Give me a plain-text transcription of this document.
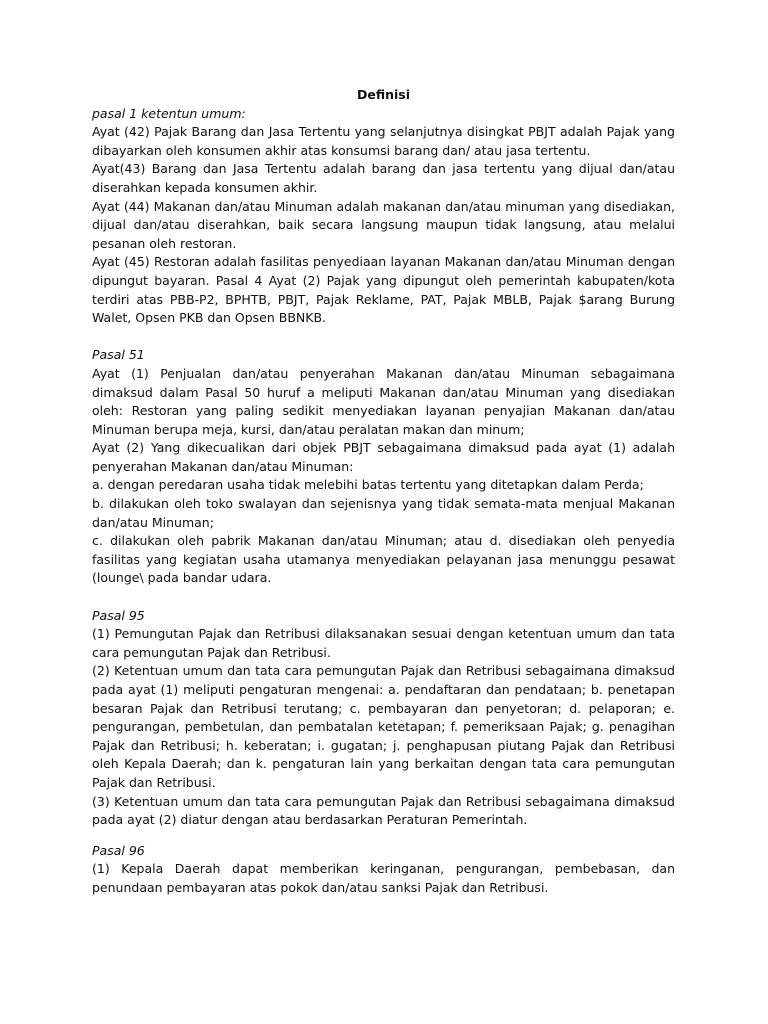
Definisi

pasal 1 ketentun umum:

Ayat (42) Pajak Barang dan Jasa Tertentu yang selanjutnya disingkat PBJT adalah Pajak yang dibayarkan oleh konsumen akhir atas konsumsi barang dan/ atau jasa tertentu.

Ayat(43) Barang dan Jasa Tertentu adalah barang dan jasa tertentu yang dijual dan/atau diserahkan kepada konsumen akhir.

Ayat (44) Makanan dan/atau Minuman adalah makanan dan/atau minuman yang disediakan, dijual dan/atau diserahkan, baik secara langsung maupun tidak langsung, atau melalui pesanan oleh restoran.

Ayat (45) Restoran adalah fasilitas penyediaan layanan Makanan dan/atau Minuman dengan dipungut bayaran. Pasal 4 Ayat (2) Pajak yang dipungut oleh pemerintah kabupaten/kota terdiri atas PBB-P2, BPHTB, PBJT, Pajak Reklame, PAT, Pajak MBLB, Pajak $arang Burung Walet, Opsen PKB dan Opsen BBNKB.

Pasal 51

Ayat (1) Penjualan dan/atau penyerahan Makanan dan/atau Minuman sebagaimana dimaksud dalam Pasal 50 huruf a meliputi Makanan dan/atau Minuman yang disediakan oleh: Restoran yang paling sedikit menyediakan layanan penyajian Makanan dan/atau Minuman berupa meja, kursi, dan/atau peralatan makan dan minum;

Ayat (2) Yang dikecualikan dari objek PBJT sebagaimana dimaksud pada ayat (1) adalah penyerahan Makanan dan/atau Minuman:

a. dengan peredaran usaha tidak melebihi batas tertentu yang ditetapkan dalam Perda;

b. dilakukan oleh toko swalayan dan sejenisnya yang tidak semata-mata menjual Makanan dan/atau Minuman;

c. dilakukan oleh pabrik Makanan dan/atau Minuman; atau d. disediakan oleh penyedia fasilitas yang kegiatan usaha utamanya menyediakan pelayanan jasa menunggu pesawat (lounge\ pada bandar udara.

Pasal 95

(1) Pemungutan Pajak dan Retribusi dilaksanakan sesuai dengan ketentuan umum dan tata cara pemungutan Pajak dan Retribusi.

(2) Ketentuan umum dan tata cara pemungutan Pajak dan Retribusi sebagaimana dimaksud pada ayat (1) meliputi pengaturan mengenai: a. pendaftaran dan pendataan; b. penetapan besaran Pajak dan Retribusi terutang; c. pembayaran dan penyetoran; d. pelaporan; e. pengurangan, pembetulan, dan pembatalan ketetapan; f. pemeriksaan Pajak; g. penagihan Pajak dan Retribusi; h. keberatan; i. gugatan; j. penghapusan piutang Pajak dan Retribusi oleh Kepala Daerah; dan k. pengaturan lain yang berkaitan dengan tata cara pemungutan Pajak dan Retribusi.

(3) Ketentuan umum dan tata cara pemungutan Pajak dan Retribusi sebagaimana dimaksud pada ayat (2) diatur dengan atau berdasarkan Peraturan Pemerintah.

Pasal 96

(1) Kepala Daerah dapat memberikan keringanan, pengurangan, pembebasan, dan penundaan pembayaran atas pokok dan/atau sanksi Pajak dan Retribusi.
